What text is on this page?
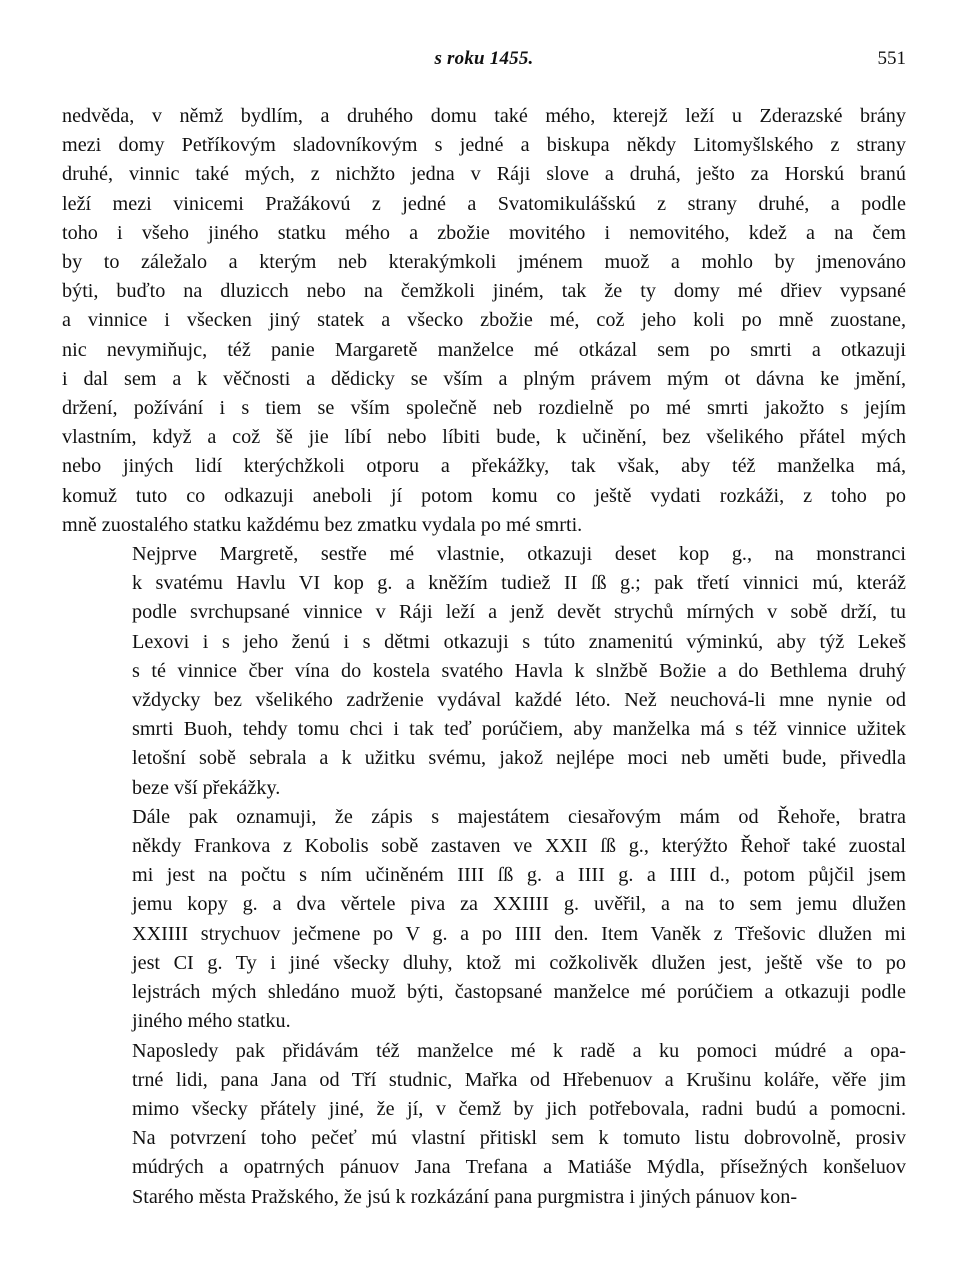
s roku 1455.	551
nedvěda, v němž bydlím, a druhého domu také mého, kterejž leží u Zderazské brány
mezi domy Petříkovým sladovníkovým s jedné a biskupa někdy Litomyšlského z strany
druhé, vinnic také mých, z nichžto jedna v Ráji slove a druhá, ještо za Horskú branú
leží mezi vinicemi Pražákovú z jedné a Svatomikulášskú z strany druhé, a podle
toho i všeho jiného statku mého a zbožie movitého i nemovitého, kdež a na čem
by to záležalo a kterým neb kterakýmkoli jménem muož a mohlo by jmenováno
býti, buďto na dluzicch nebo na čemžkoli jiném, tak že ty domy mé dřiev vypsané
a vinnice i všecken jiný statek a všecko zbožie mé, což jeho koli po mně zuostane,
nic nevymiňujc, též panie Margaretě manželce mé otkázal sem po smrti a otkazuji
i dal sem a k věčnosti a dědicky se vším a plným právem mým ot dávna ke jmění,
držení, požívání i s tiem se vším společně neb rozdielně po mé smrti jakožto s jejím
vlastním, když a což šě jie líbí nebo líbiti bude, k učinění, bez všelikého přátel mých
nebo jiných lidí kterýchžkoli otporu a překážky, tak však, aby též manželka má,
komuž tuto co odkazuji aneboli jí potom komu co ještě vydati rozkáži, z toho po
mně zuostalého statku každému bez zmatku vydala po mé smrti.
Nejprve Margretě, sestře mé vlastnie, otkazuji deset kop g., na monstranci
k svatému Havlu VI kop g. a kněžím tudiež II ſß g.; pak třetí vinnici mú, kteráž
podle svrchupsané vinnice v Ráji leží a jenž devět strychů mírných v sobě drží, tu
Lexovi i s jeho ženú i s dětmi otkazuji s túto znamenitú výminkú, aby týž Lekeš
s té vinnice čber vína do kostela svatého Havla k slnžbě Božie a do Bethlema druhý
vždycky bez všelikého zadrženie vydával každé léto. Než neuchová-li mne nynie od
smrti Buoh, tehdy tomu chci i tak teď porúčiem, aby manželka má s též vinnice užitek
letošní sobě sebrala a k užitku svému, jakož nejlépe moci neb uměti bude, přivedla
beze vší překážky.
Dále pak oznamuji, že zápis s majestátem ciesařovým mám od Řehoře, bratra
někdy Frankova z Kobolis sobě zastaven ve XXII ſß g., kterýžto Řehoř také zuostal
mi jest na počtu s ním učiněném IIII ſß g. a IIII g. a IIII d., potom půjčil jsem
jemu kopy g. a dva věrtele piva za XXIIII g. uvěřil, a na to sem jemu dlužen
XXIIII strychuov ječmene po V g. a po IIII den. Item Vaněk z Třešovic dlužen mi
jest CI g. Ty i jiné všecky dluhy, ktož mi cožkolivěk dlužen jest, ještě vše to po
lejstrách mých shledáno muož býti, častopsané manželce mé porúčiem a otkazuji podle
jiného mého statku.
Naposledy pak přidávám též manželce mé k radě a ku pomoci múdré a opa-
trné lidi, pana Jana od Tří studnic, Mařka od Hřebenuov a Krušinu koláře, věře jim
mimo všecky přátely jiné, že jí, v čemž by jich potřebovala, radni budú a pomocni.
Na potvrzení toho pečeť mú vlastní přitiskl sem k tomuto listu dobrovolně, prosiv
múdrých a opatrných pánuov Jana Trefana a Matiáše Mýdla, přísežných konšeluov
Starého města Pražského, že jsú k rozkázání pana purgmistra i jiných pánuov kon-
